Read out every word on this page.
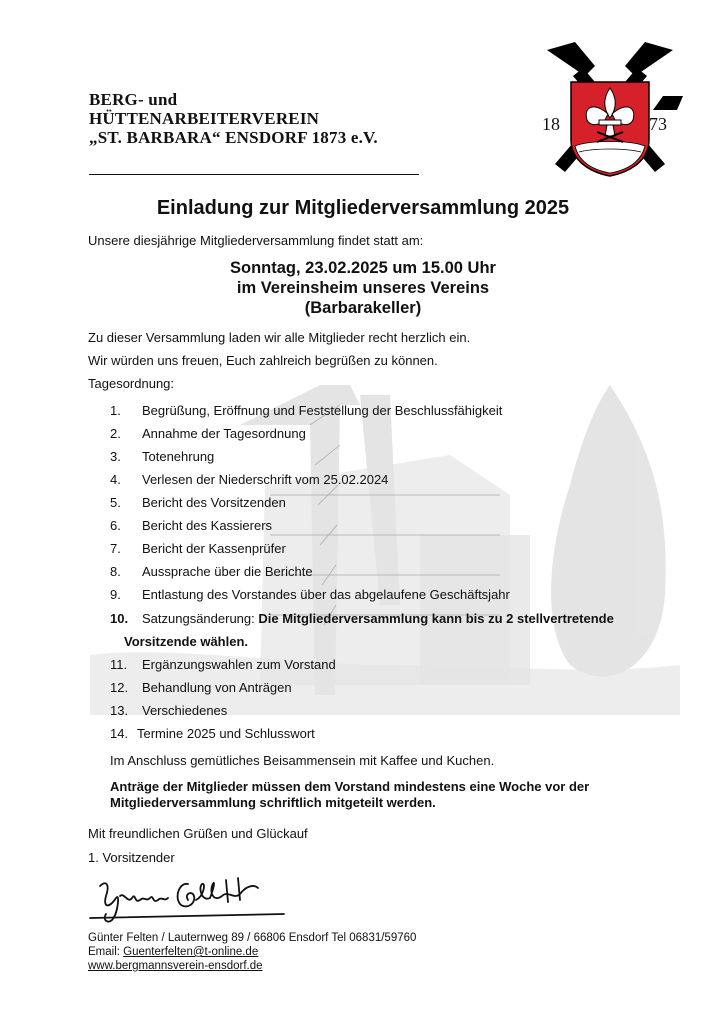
BERG- und
HÜTTENARBEITERVEREIN
„ST. BARBARA“ ENSDORF 1873 e.V.
18	73
Einladung zur Mitgliederversammlung 2025
Unsere diesjährige Mitgliederversammlung findet statt am:
Sonntag, 23.02.2025 um 15.00 Uhr
im Vereinsheim unseres Vereins
(Barbarakeller)
Zu dieser Versammlung laden wir alle Mitglieder recht herzlich ein.
Wir würden uns freuen, Euch zahlreich begrüßen zu können.
Tagesordnung:
1. Begrüßung, Eröffnung und Feststellung der Beschlussfähigkeit
2. Annahme der Tagesordnung
3. Totenehrung
4. Verlesen der Niederschrift vom 25.02.2024
5. Bericht des Vorsitzenden
6. Bericht des Kassierers
7. Bericht der Kassenprüfer
8. Aussprache über die Berichte
9. Entlastung des Vorstandes über das abgelaufene Geschäftsjahr
10. Satzungsänderung: Die Mitgliederversammlung kann bis zu 2 stellvertretende
Vorsitzende wählen.
11. Ergänzungswahlen zum Vorstand
12. Behandlung von Anträgen
13. Verschiedenes
14. Termine 2025 und Schlusswort
Im Anschluss gemütliches Beisammensein mit Kaffee und Kuchen.
Anträge der Mitglieder müssen dem Vorstand mindestens eine Woche vor der
Mitgliederversammlung schriftlich mitgeteilt werden.
Mit freundlichen Grüßen und Glückauf
1. Vorsitzender
Günter Felten / Lauternweg 89 / 66806 Ensdorf Tel 06831/59760
Email: Guenterfelten@t-online.de
www.bergmannsverein-ensdorf.de
